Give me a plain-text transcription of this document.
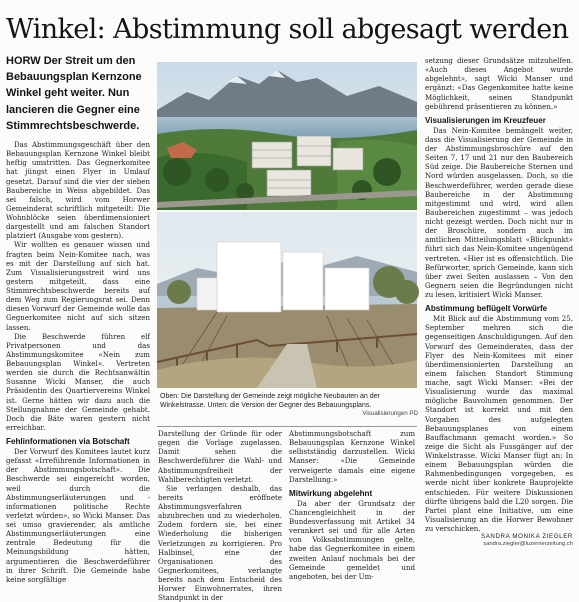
Winkel: Abstimmung soll abgesagt werden
HORW Der Streit um den Bebauungsplan Kernzone Winkel geht weiter. Nun lancieren die Gegner eine Stimmrechtsbeschwerde.

Das Abstimmungsgeschäft über den Bebauungsplan Kernzone Winkel bleibt heftig umstritten. Das Gegnerkomitee hat jüngst einen Flyer in Umlauf gesetzt. Darauf sind die vier der sieben Baubereiche in Weiss abgebildet. Das sei falsch, wird vom Horwer Gemeinderat schriftlich mitgeteilt: Die Wohnblöcke seien überdimensioniert dargestellt und am falschen Standort platziert (Ausgabe vom gestern).

Wir wollten es genauer wissen und fragten beim Nein-Komitee nach, was es mit der Darstellung auf sich hat. Zum Visualisierungsstreit wird uns gestern mitgeteilt, dass eine Stimmrechtsbeschwerde bereits auf dem Weg zum Regierungsrat sei. Denn diesen Vorwurf der Gemeinde wolle das Gegnerkomitee nicht auf sich sitzen lassen.

Die Beschwerde führen elf Privatpersonen und das Abstimmungskomitee «Nein zum Bebauungsplan Winkel». Vertreten werden sie durch die Rechtsanwältin Susanne Wicki Manser, die auch Präsidentin des Quartiervereins Winkel ist. Gerne hätten wir dazu auch die Stellungnahme der Gemeinde gehabt. Doch die Bäte waren gestern nicht erreichbar.

Fehlinformationen via Botschaft

Der Vorwurf des Komitees lautet kurz gefasst «Irreführende Informationen in der Abstimmungsbotschaft». Die Beschwerde sei eingereicht worden, weil durch die Abstimmungserläuterungen und -informationen politische Rechte verletzt würden», so Wicki Manser. Das sei umso gravierender, als amtliche Abstimmungserläuterungen eine zentrale Bedeutung für die Meinungsbildung hätten, argumentieren die Beschwerdeführer in ihrer Schrift. Die Gemeinde habe keine sorgfältige

Oben: Die Darstellung der Gemeinde zeigt mögliche Neubauten an der Winkelstrasse. Unten: die Version der Gegner des Bebauungsplans.
Visualisierungen PD

Darstellung der Gründe für oder gegen die Vorlage zugelassen. Damit sehen die Beschwerdeführer die Wahl- und Abstimmungsfreiheit der Wahlberechtigten verletzt.

Sie verlangen deshalb, das bereits eröffnete Abstimmungsverfahren abzubrechen und zu wiederholen. Zudem fordern sie, bei einer Wiederholung die bisherigen Verletzungen zu korrigieren. Pro Halbinsel, eine der Organisationen des Gegnerkomitees, verlangte bereits nach dem Entscheid des Horwer Einwohnerrates, ihren Standpunkt in der

Abstimmungsbotschaft zum Bebauungsplan Kernzone Winkel selbstständig darzustellen. Wicki Manser: «Die Gemeinde verweigerte damals eine eigene Darstellung.»

Mitwirkung abgelehnt

Da aber der Grundsatz der Chancengleichheit in der Bundesverfassung mit Artikel 34 verankert sei und für alle Arten von Volksabstimmungen gelte, habe das Gegnerkomitee in einem zweiten Anlauf nochmals bei der Gemeinde gemeldet und angeboten, bei der Um-

setzung dieser Grundsätze mitzuhelfen. «Auch dieses Angebot wurde abgelehnt», sagt Wicki Manser und ergänzt: «Das Gegenkomitee hatte keine Möglichkeit, seinen Standpunkt gebührend präsentieren zu können.»

Visualisierungen im Kreuzfeuer

Das Nein-Komitee bemängelt weiter, dass die Visualisierung der Gemeinde in der Abstimmungsbroschüre auf den Seiten 7, 17 und 21 nur den Baubereich Süd zeige. Die Baubereiche Sternen und Nord würden ausgelassen. Doch, so die Beschwerdeführer, werden gerade diese Baubereiche in der Abstimmung mitgestimmt und wird, wird allen Baubereichen zugestimmt – was jedoch nicht gezeigt werden. Doch nicht nur in der Broschüre, sondern auch im amtlichen Mitteilungsblatt «Blickpunkt» führt sich das Nein-Komitee ungenügend vertreten. «Hier ist es offensichtlich. Die Befürworter, sprich Gemeinde, kann sich über zwei Seiten auslassen – Von den Gegnern seien die Begründungen nicht zu lesen, kritisiert Wicki Manser.

Abstimmung beflügelt Vorwürfe

Mit Blick auf die Abstimmung vom 25. September mehren sich die gegenseitigen Anschuldigungen. Auf den Vorwurf des Gemeinderates, dass der Flyer des Nein-Komitees mit einer überdimensionierten Darstellung an einem falschen Standort Stimmung mache, sagt Wicki Manser: «Bei der Visualisierung wurde das maximal mögliche Bauvolumen genommen. Der Standort ist korrekt und mit den Vorgaben des aufgelegten Bebauungsplanes von einem Bauffachmann gemacht worden.» So zeige die Sicht als Fussgänger auf der Winkelstrasse. Wicki Manser fügt an: In einem Bebauungsplan würden die Rahmenbedingungen vorgegeben, es werde nicht über konkrete Bauprojekte entschieden. Für weitere Diskussionen dürfte übrigens bald die L20 sorgen. Die Partei plant eine Initiative, um eine Visualisierung an die Horwer Bewohner zu verschicken.

SANDRA MONIKA ZIEGLER

sandra.ziegler@luzernerzeitung.ch
